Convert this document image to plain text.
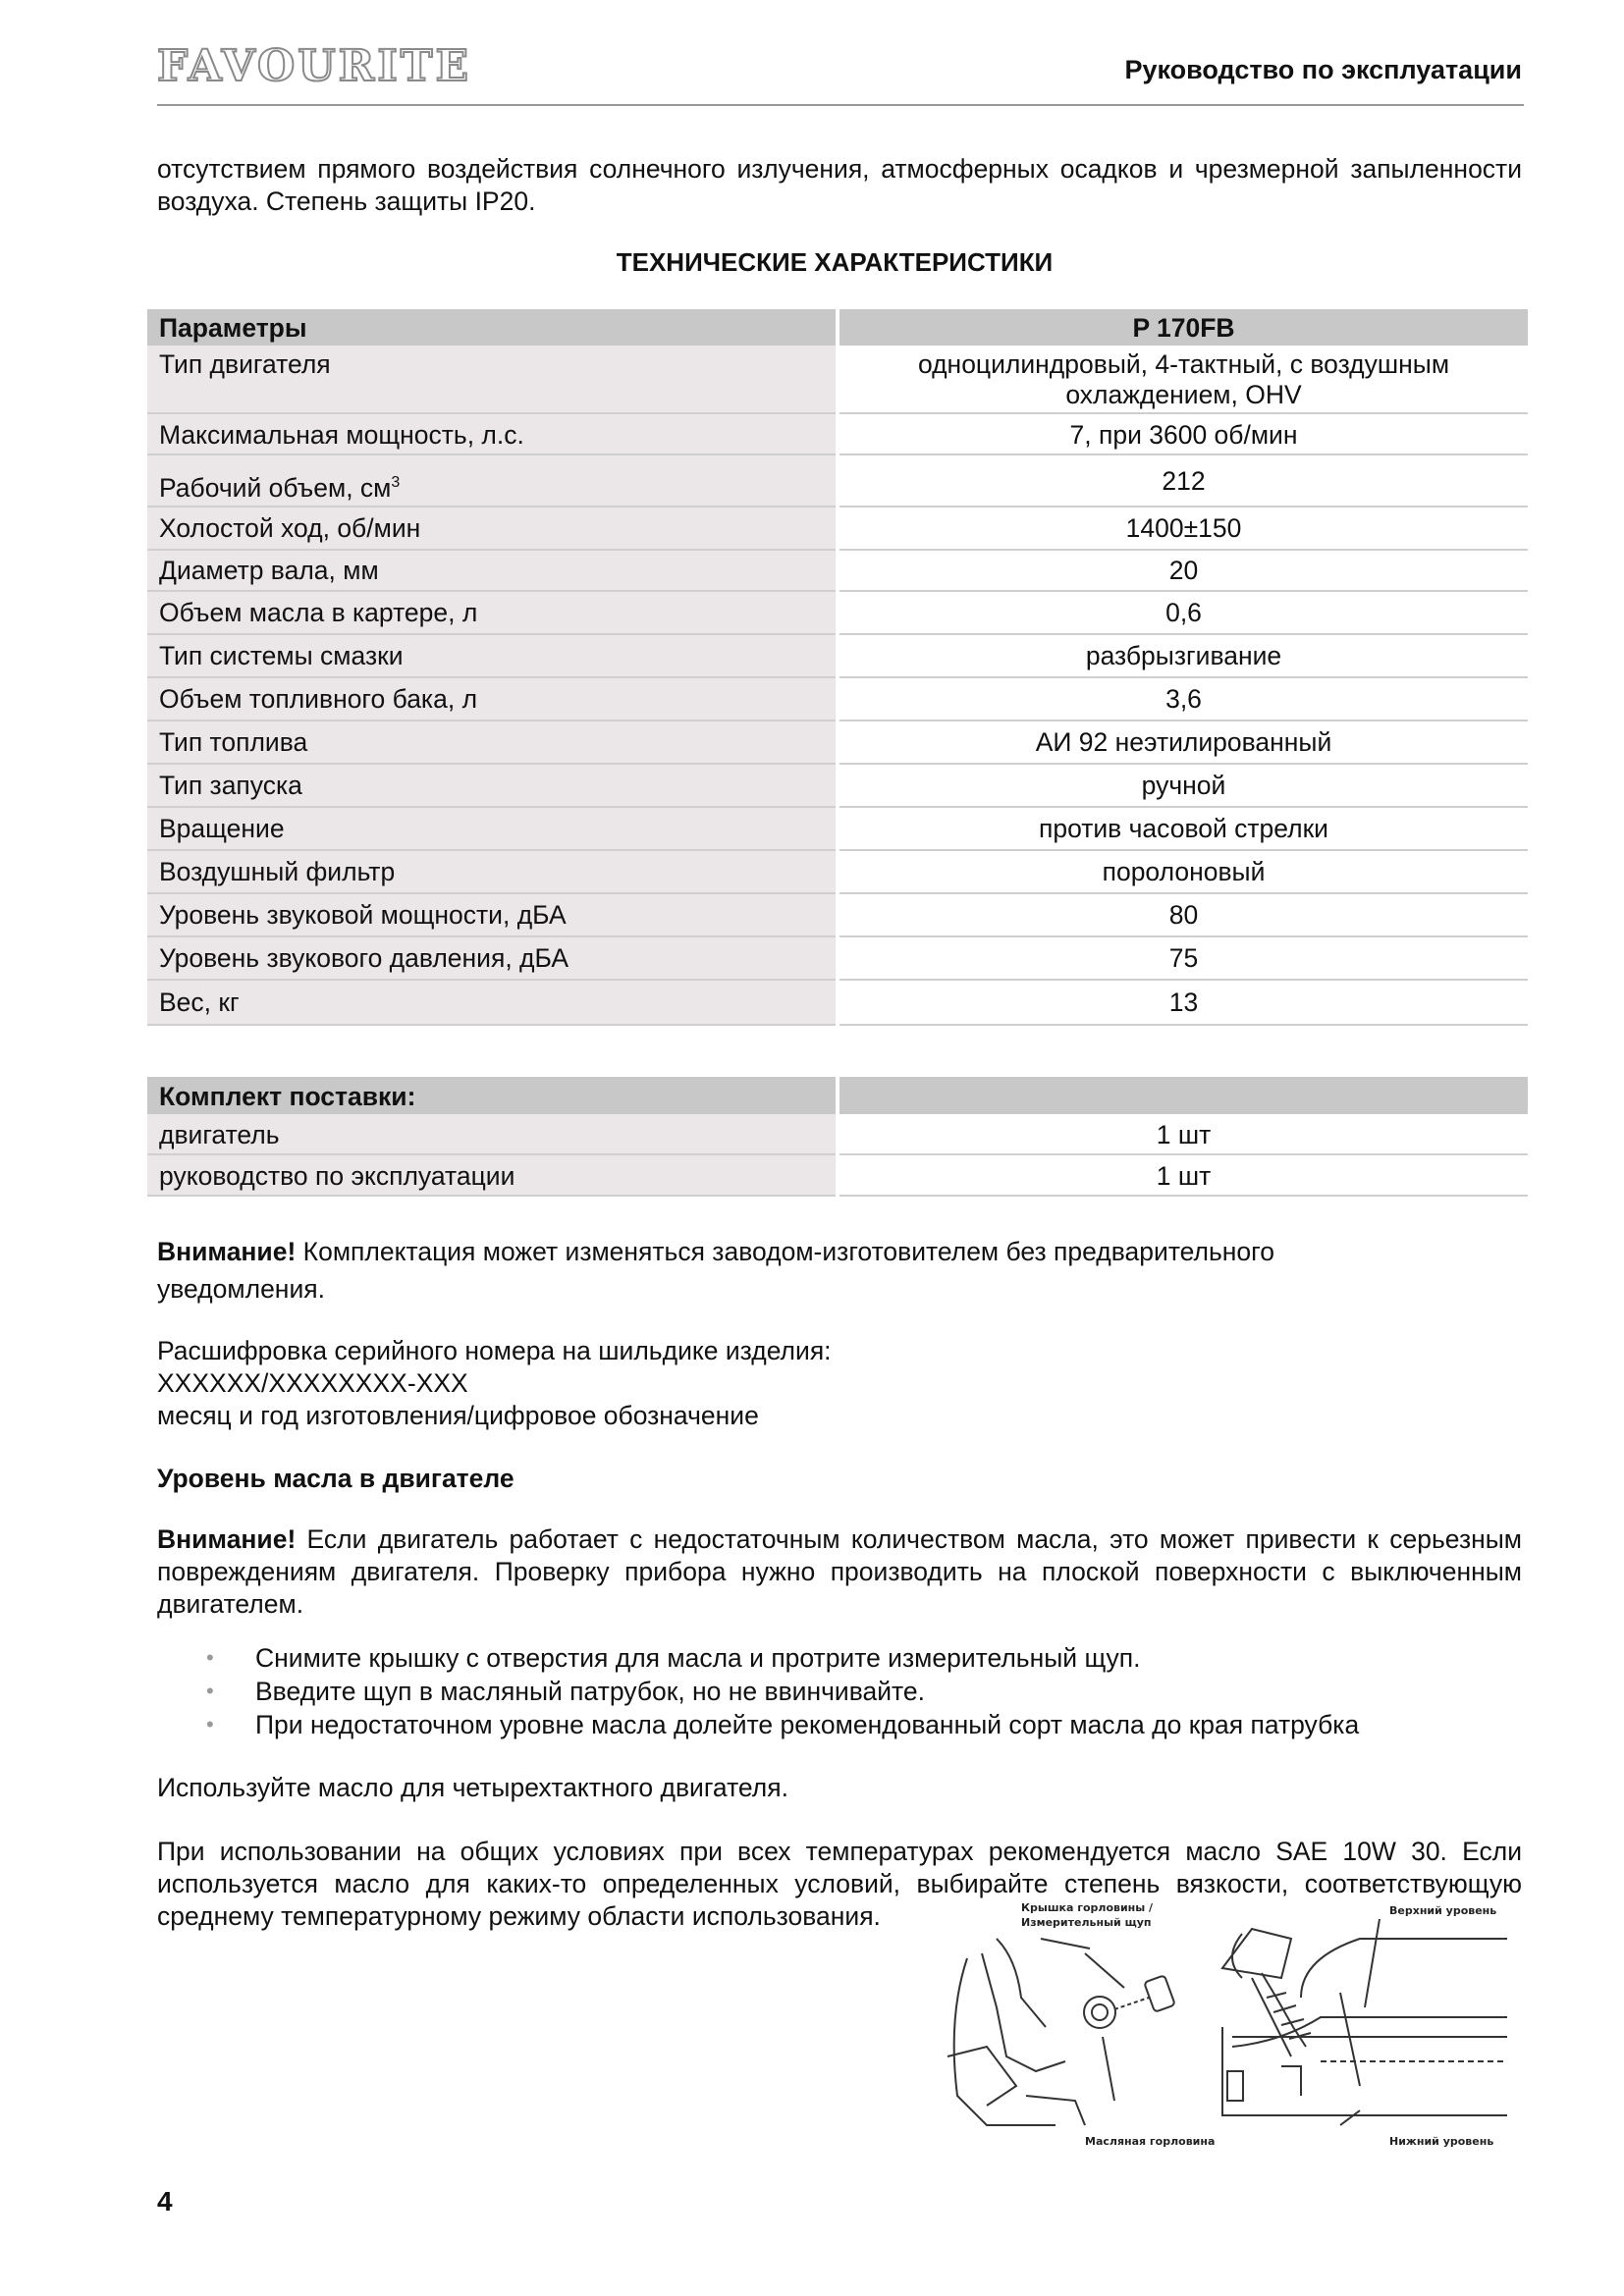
FAVOURITE	Руководство по эксплуатации
отсутствием прямого воздействия солнечного излучения, атмосферных осадков и чрезмерной запыленности воздуха. Степень защиты IP20.
ТЕХНИЧЕСКИЕ ХАРАКТЕРИСТИКИ
Параметры	P 170FB
Тип двигателя	одноцилиндровый, 4-тактный, с воздушным охлаждением, OHV
Максимальная мощность, л.с.	7, при 3600 об/мин
Рабочий объем, $см^3$	212
Холостой ход, об/мин	1400±150
Диаметр вала, мм	20
Объем масла в картере, л	0,6
Тип системы смазки	разбрызгивание
Объем топливного бака, л	3,6
Тип топлива	АИ 92 неэтилированный
Тип запуска	ручной
Вращение	против часовой стрелки
Воздушный фильтр	поролоновый
Уровень звуковой мощности, дБА	80
Уровень звукового давления, дБА	75
Вес, кг	13
Комплект поставки:	
двигатель	1 шт
руководство по эксплуатации	1 шт
Внимание! Комплектация может изменяться заводом-изготовителем без предварительного уведомления.
Расшифровка серийного номера на шильдике изделия:
XXXXXX/XXXXXXXX-XXX
месяц и год изготовления/цифровое обозначение
Уровень масла в двигателе
Внимание! Если двигатель работает с недостаточным количеством масла, это может привести к серьезным повреждениям двигателя. Проверку прибора нужно производить на плоской поверхности с выключенным двигателем.
• Снимите крышку с отверстия для масла и протрите измерительный щуп.
• Введите щуп в масляный патрубок, но не ввинчивайте.
• При недостаточном уровне масла долейте рекомендованный сорт масла до края патрубка
Используйте масло для четырехтактного двигателя.
При использовании на общих условиях при всех температурах рекомендуется масло SAE 10W 30. Если используется масло для каких-то определенных условий, выбирайте степень вязкости, соответствующую среднему температурному режиму области использования.	Крышка горловины /
Измерительный щуп
Масляная горловина
Верхний уровень
Нижний уровень
4
